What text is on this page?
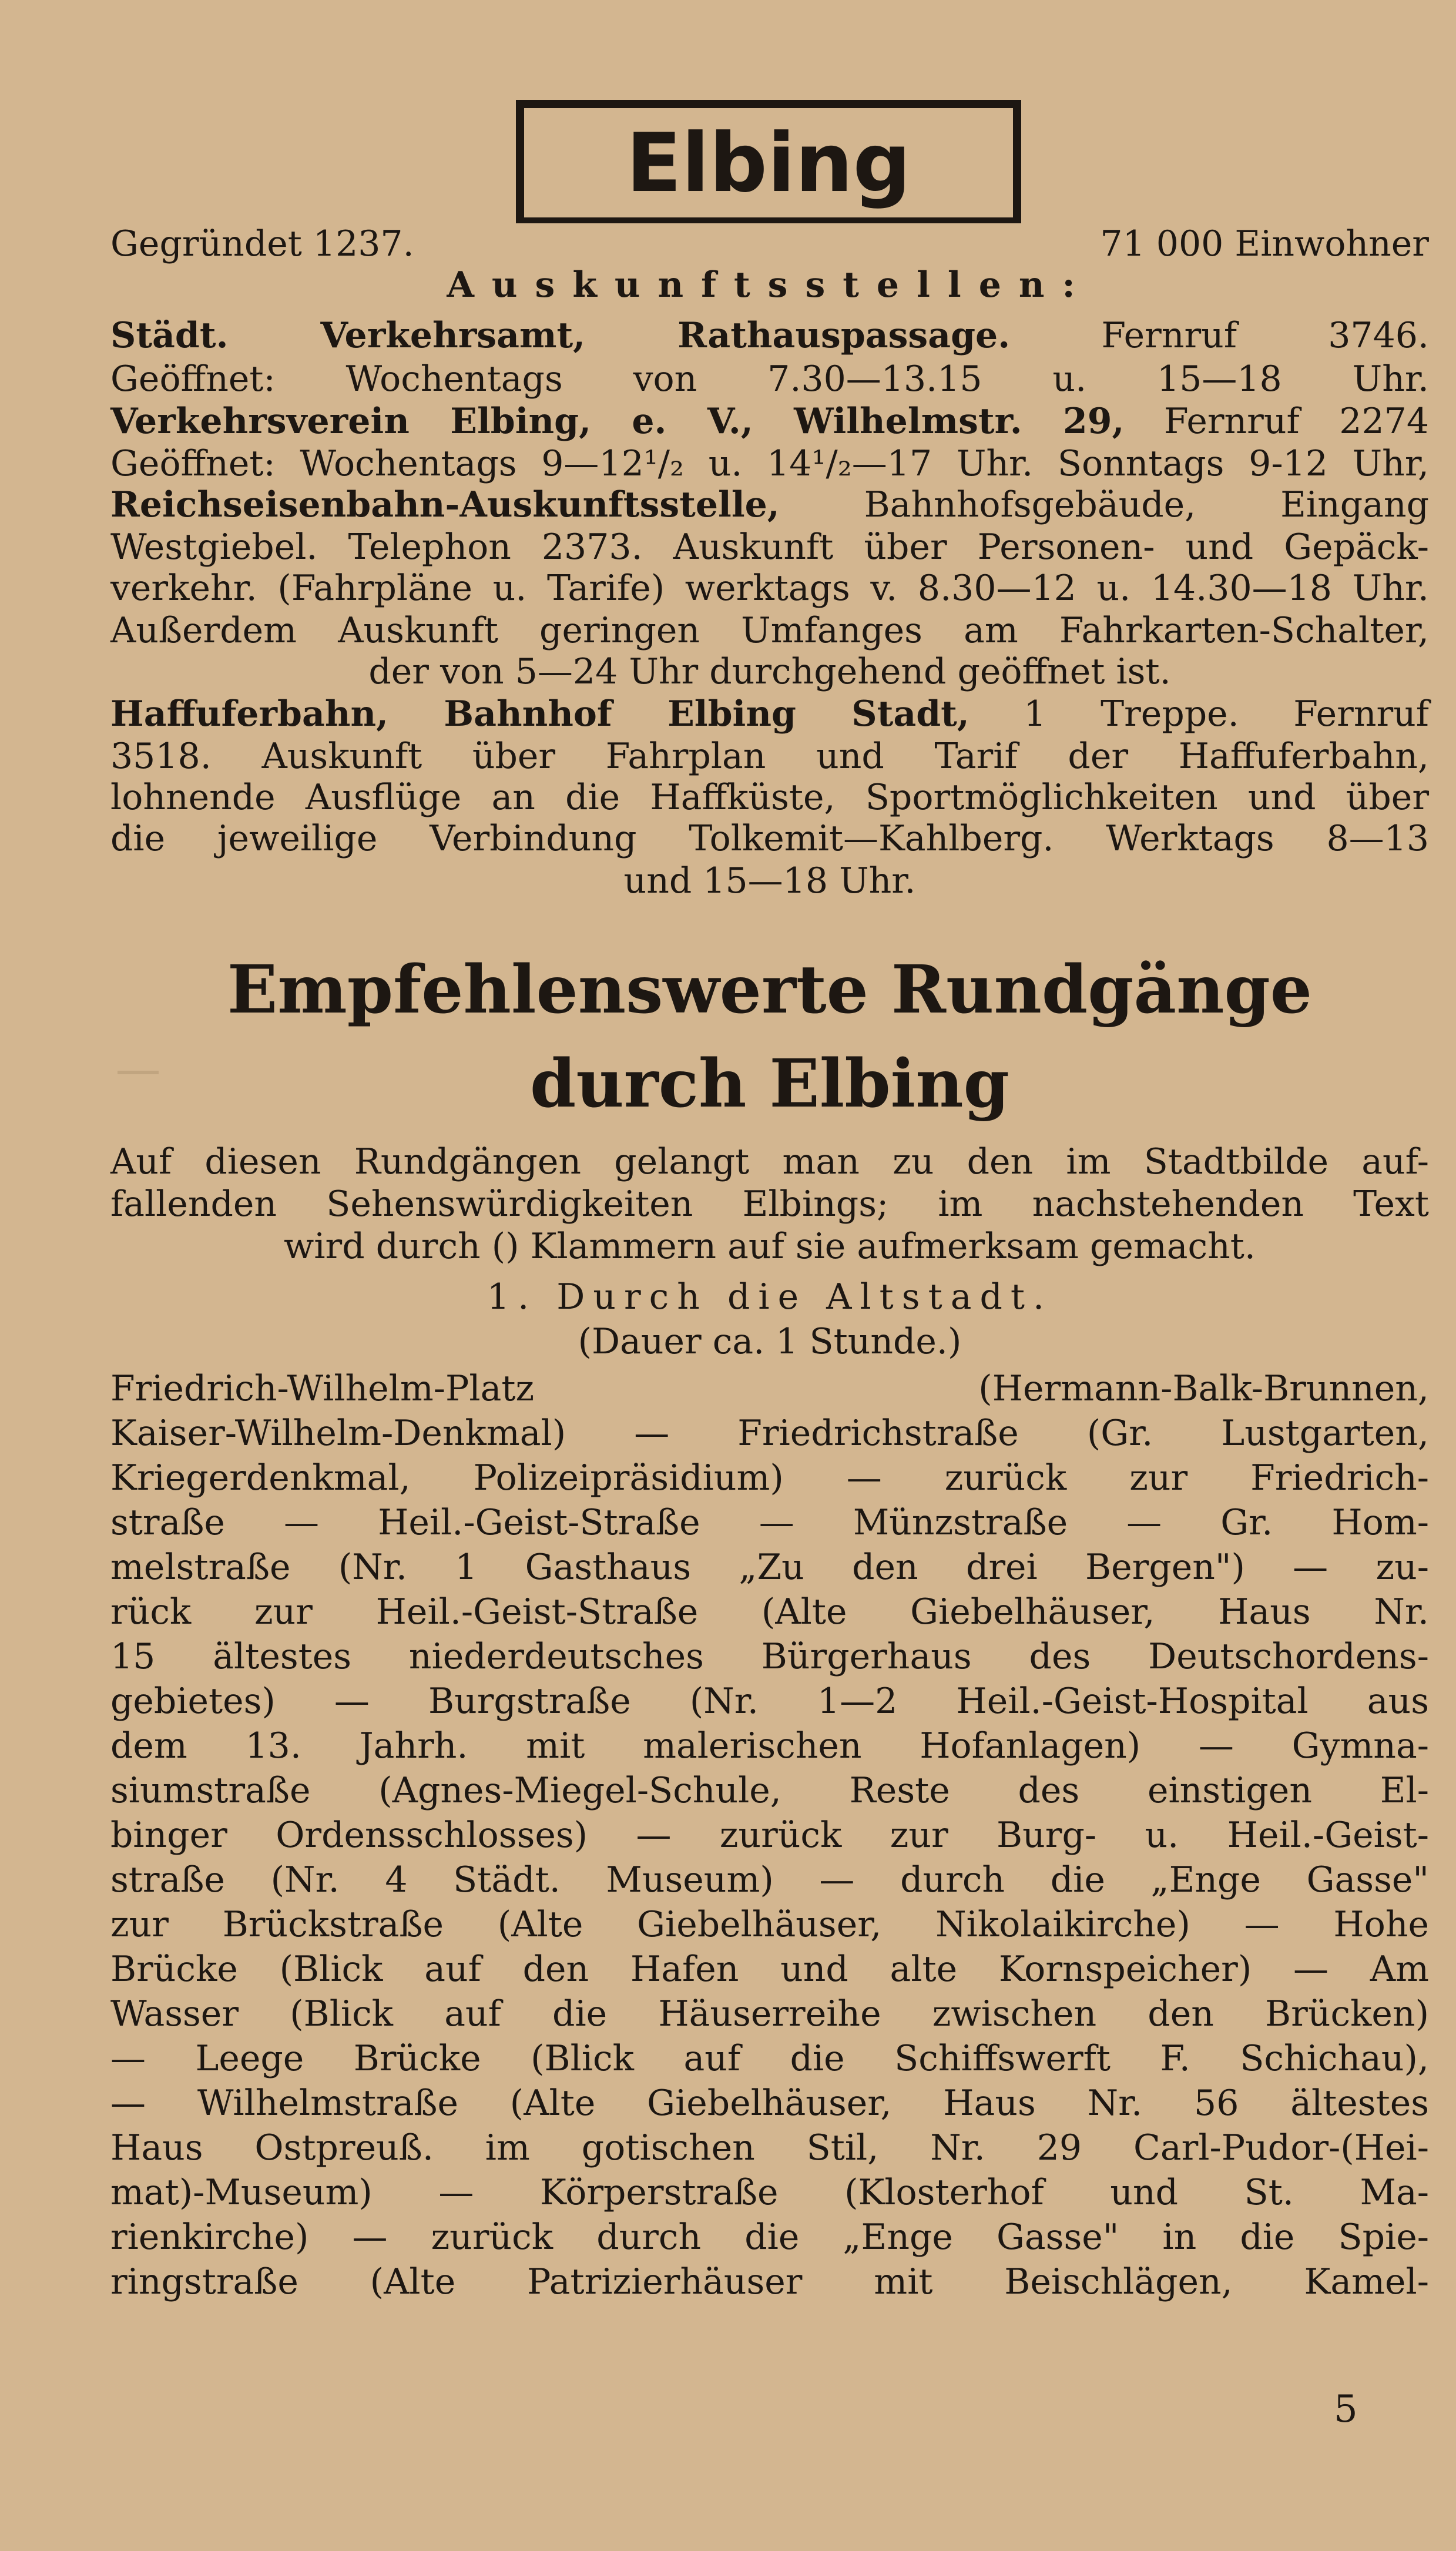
Elbing
Gegründet 1237.	71 000 Einwohner
Auskunftsstellen:
Städt. Verkehrsamt, Rathauspassage.	Fernruf 3746.
Geöffnet: Wochentags von 7.30—13.15 u. 15—18 Uhr.
Verkehrsverein Elbing, e. V., Wilhelmstr. 29, Fernruf 2274
Geöffnet: Wochentags 9—12¹/₂ u. 14¹/₂—17 Uhr. Sonntags 9-12 Uhr,
Reichseisenbahn-Auskunftsstelle, Bahnhofsgebäude, Eingang
Westgiebel. Telephon 2373. Auskunft über Personen- und Gepäck-
verkehr. (Fahrpläne u. Tarife) werktags v. 8.30—12 u. 14.30—18 Uhr.
Außerdem Auskunft geringen Umfanges am Fahrkarten-Schalter,
der von 5—24 Uhr durchgehend geöffnet ist.
Haffuferbahn, Bahnhof Elbing Stadt, 1 Treppe. Fernruf
3518. Auskunft über Fahrplan und Tarif der Haffuferbahn,
lohnende Ausflüge an die Haffküste, Sportmöglichkeiten und über
die jeweilige Verbindung Tolkemit—Kahlberg. Werktags 8—13
und 15—18 Uhr.
Empfehlenswerte Rundgänge
durch Elbing
Auf diesen Rundgängen gelangt man zu den im Stadtbilde auf-
fallenden Sehenswürdigkeiten Elbings; im nachstehenden Text
wird durch () Klammern auf sie aufmerksam gemacht.
1. Durch die Altstadt.
(Dauer ca. 1 Stunde.)
Friedrich-Wilhelm-Platz (Hermann-Balk-Brunnen,
Kaiser-Wilhelm-Denkmal) — Friedrichstraße (Gr. Lustgarten,
Kriegerdenkmal, Polizeipräsidium) — zurück zur Friedrich-
straße — Heil.-Geist-Straße — Münzstraße — Gr. Hom-
melstraße (Nr. 1 Gasthaus „Zu den drei Bergen") — zu-
rück zur Heil.-Geist-Straße (Alte Giebelhäuser, Haus Nr.
15 ältestes niederdeutsches Bürgerhaus des Deutschordens-
gebietes) — Burgstraße (Nr. 1—2 Heil.-Geist-Hospital aus
dem 13. Jahrh. mit malerischen Hofanlagen) — Gymna-
siumstraße (Agnes-Miegel-Schule, Reste des einstigen El-
binger Ordensschlosses) — zurück zur Burg- u. Heil.-Geist-
straße (Nr. 4 Städt. Museum) — durch die „Enge Gasse"
zur Brückstraße (Alte Giebelhäuser, Nikolaikirche) — Hohe
Brücke (Blick auf den Hafen und alte Kornspeicher) — Am
Wasser (Blick auf die Häuserreihe zwischen den Brücken)
— Leege Brücke (Blick auf die Schiffswerft F. Schichau),
— Wilhelmstraße (Alte Giebelhäuser, Haus Nr. 56 ältestes
Haus Ostpreuß. im gotischen Stil, Nr. 29 Carl-Pudor-(Hei-
mat)-Museum) — Körperstraße (Klosterhof und St. Ma-
rienkirche) — zurück durch die „Enge Gasse" in die Spie-
ringstraße (Alte Patrizierhäuser mit Beischlägen, Kamel-
5
